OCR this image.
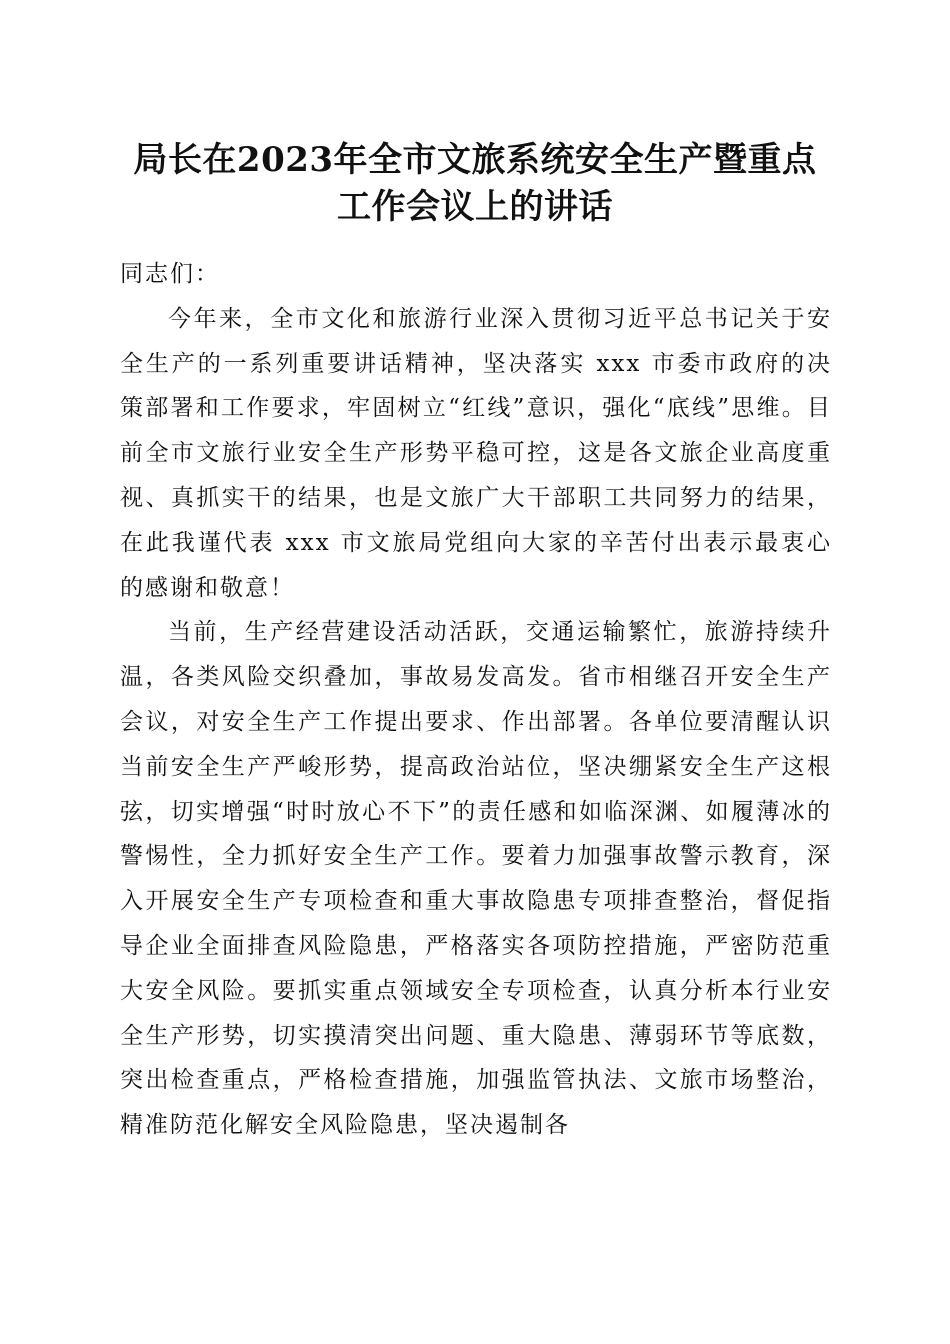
局长在2023年全市文旅系统安全生产暨重点
工作会议上的讲话

同志们：

今年来，全市文化和旅游行业深入贯彻习近平总书记关于安全生产的一系列重要讲话精神，坚决落实 xxx 市委市政府的决策部署和工作要求，牢固树立“红线”意识，强化“底线”思维。目前全市文旅行业安全生产形势平稳可控，这是各文旅企业高度重视、真抓实干的结果，也是文旅广大干部职工共同努力的结果，在此我谨代表 xxx 市文旅局党组向大家的辛苦付出表示最衷心的感谢和敬意！

当前，生产经营建设活动活跃，交通运输繁忙，旅游持续升温，各类风险交织叠加，事故易发高发。省市相继召开安全生产会议，对安全生产工作提出要求、作出部署。各单位要清醒认识当前安全生产严峻形势，提高政治站位，坚决绷紧安全生产这根弦，切实增强“时时放心不下”的责任感和如临深渊、如履薄冰的警惕性，全力抓好安全生产工作。要着力加强事故警示教育，深入开展安全生产专项检查和重大事故隐患专项排查整治，督促指导企业全面排查风险隐患，严格落实各项防控措施，严密防范重大安全风险。要抓实重点领域安全专项检查，认真分析本行业安全生产形势，切实摸清突出问题、重大隐患、薄弱环节等底数，突出检查重点，严格检查措施，加强监管执法、文旅市场整治，精准防范化解安全风险隐患，坚决遏制各
